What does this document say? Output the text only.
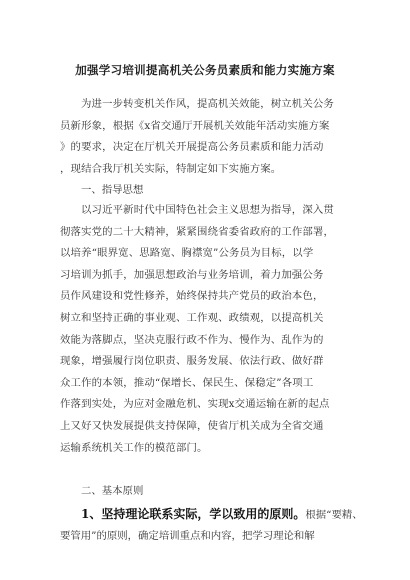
加强学习培训提高机关公务员素质和能力实施方案
为进一步转变机关作风，提高机关效能，树立机关公务
员新形象，根据《x省交通厅开展机关效能年活动实施方案
》的要求，决定在厅机关开展提高公务员素质和能力活动
，现结合我厅机关实际，特制定如下实施方案。
一、指导思想
以习近平新时代中国特色社会主义思想为指导，深入贯
彻落实党的二十大精神，紧紧围绕省委省政府的工作部署，
以培养“眼界宽、思路宽、胸襟宽”公务员为目标，以学
习培训为抓手，加强思想政治与业务培训，着力加强公务
员作风建设和党性修养，始终保持共产党员的政治本色，
树立和坚持正确的事业观、工作观、政绩观，以提高机关
效能为落脚点，坚决克服行政不作为、慢作为、乱作为的
现象，增强履行岗位职责、服务发展、依法行政、做好群
众工作的本领，推动“保增长、保民生、保稳定”各项工
作落到实处，为应对金融危机、实现x交通运输在新的起点
上又好又快发展提供支持保障，使省厅机关成为全省交通
运输系统机关工作的模范部门。
二、基本原则
1、坚持理论联系实际，学以致用的原则。根据“要精、
要管用”的原则，确定培训重点和内容，把学习理论和解
